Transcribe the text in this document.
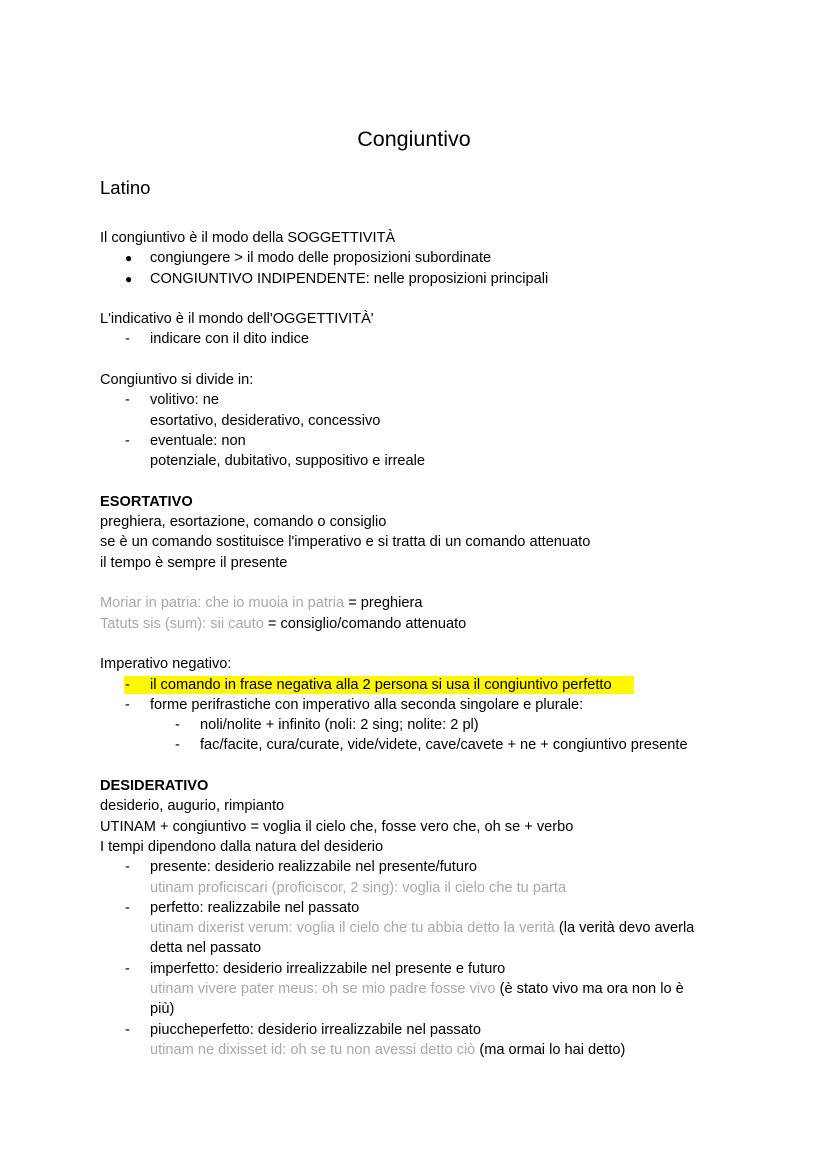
Congiuntivo
Latino
Il congiuntivo è il modo della SOGGETTIVITÀ
● congiungere > il modo delle proposizioni subordinate
● CONGIUNTIVO INDIPENDENTE: nelle proposizioni principali
L'indicativo è il mondo dell'OGGETTIVITÀ'
- indicare con il dito indice
Congiuntivo si divide in:
- volitivo: ne
esortativo, desiderativo, concessivo
- eventuale: non
potenziale, dubitativo, suppositivo e irreale
ESORTATIVO
preghiera, esortazione, comando o consiglio
se è un comando sostituisce l'imperativo e si tratta di un comando attenuato
il tempo è sempre il presente
Moriar in patria: che io muoia in patria = preghiera
Tatuts sis (sum): sii cauto = consiglio/comando attenuato
Imperativo negativo:
- il comando in frase negativa alla 2 persona si usa il congiuntivo perfetto
- forme perifrastiche con imperativo alla seconda singolare e plurale:
- noli/nolite + infinito (noli: 2 sing; nolite: 2 pl)
- fac/facite, cura/curate, vide/videte, cave/cavete + ne + congiuntivo presente
DESIDERATIVO
desiderio, augurio, rimpianto
UTINAM + congiuntivo = voglia il cielo che, fosse vero che, oh se + verbo
I tempi dipendono dalla natura del desiderio
- presente: desiderio realizzabile nel presente/futuro
utinam proficiscari (proficiscor, 2 sing): voglia il cielo che tu parta
- perfetto: realizzabile nel passato
utinam dixerist verum: voglia il cielo che tu abbia detto la verità (la verità devo averla
detta nel passato
- imperfetto: desiderio irrealizzabile nel presente e futuro
utinam vivere pater meus: oh se mio padre fosse vivo (è stato vivo ma ora non lo è
più)
- piuccheperfetto: desiderio irrealizzabile nel passato
utinam ne dixisset id: oh se tu non avessi detto ciò (ma ormai lo hai detto)
